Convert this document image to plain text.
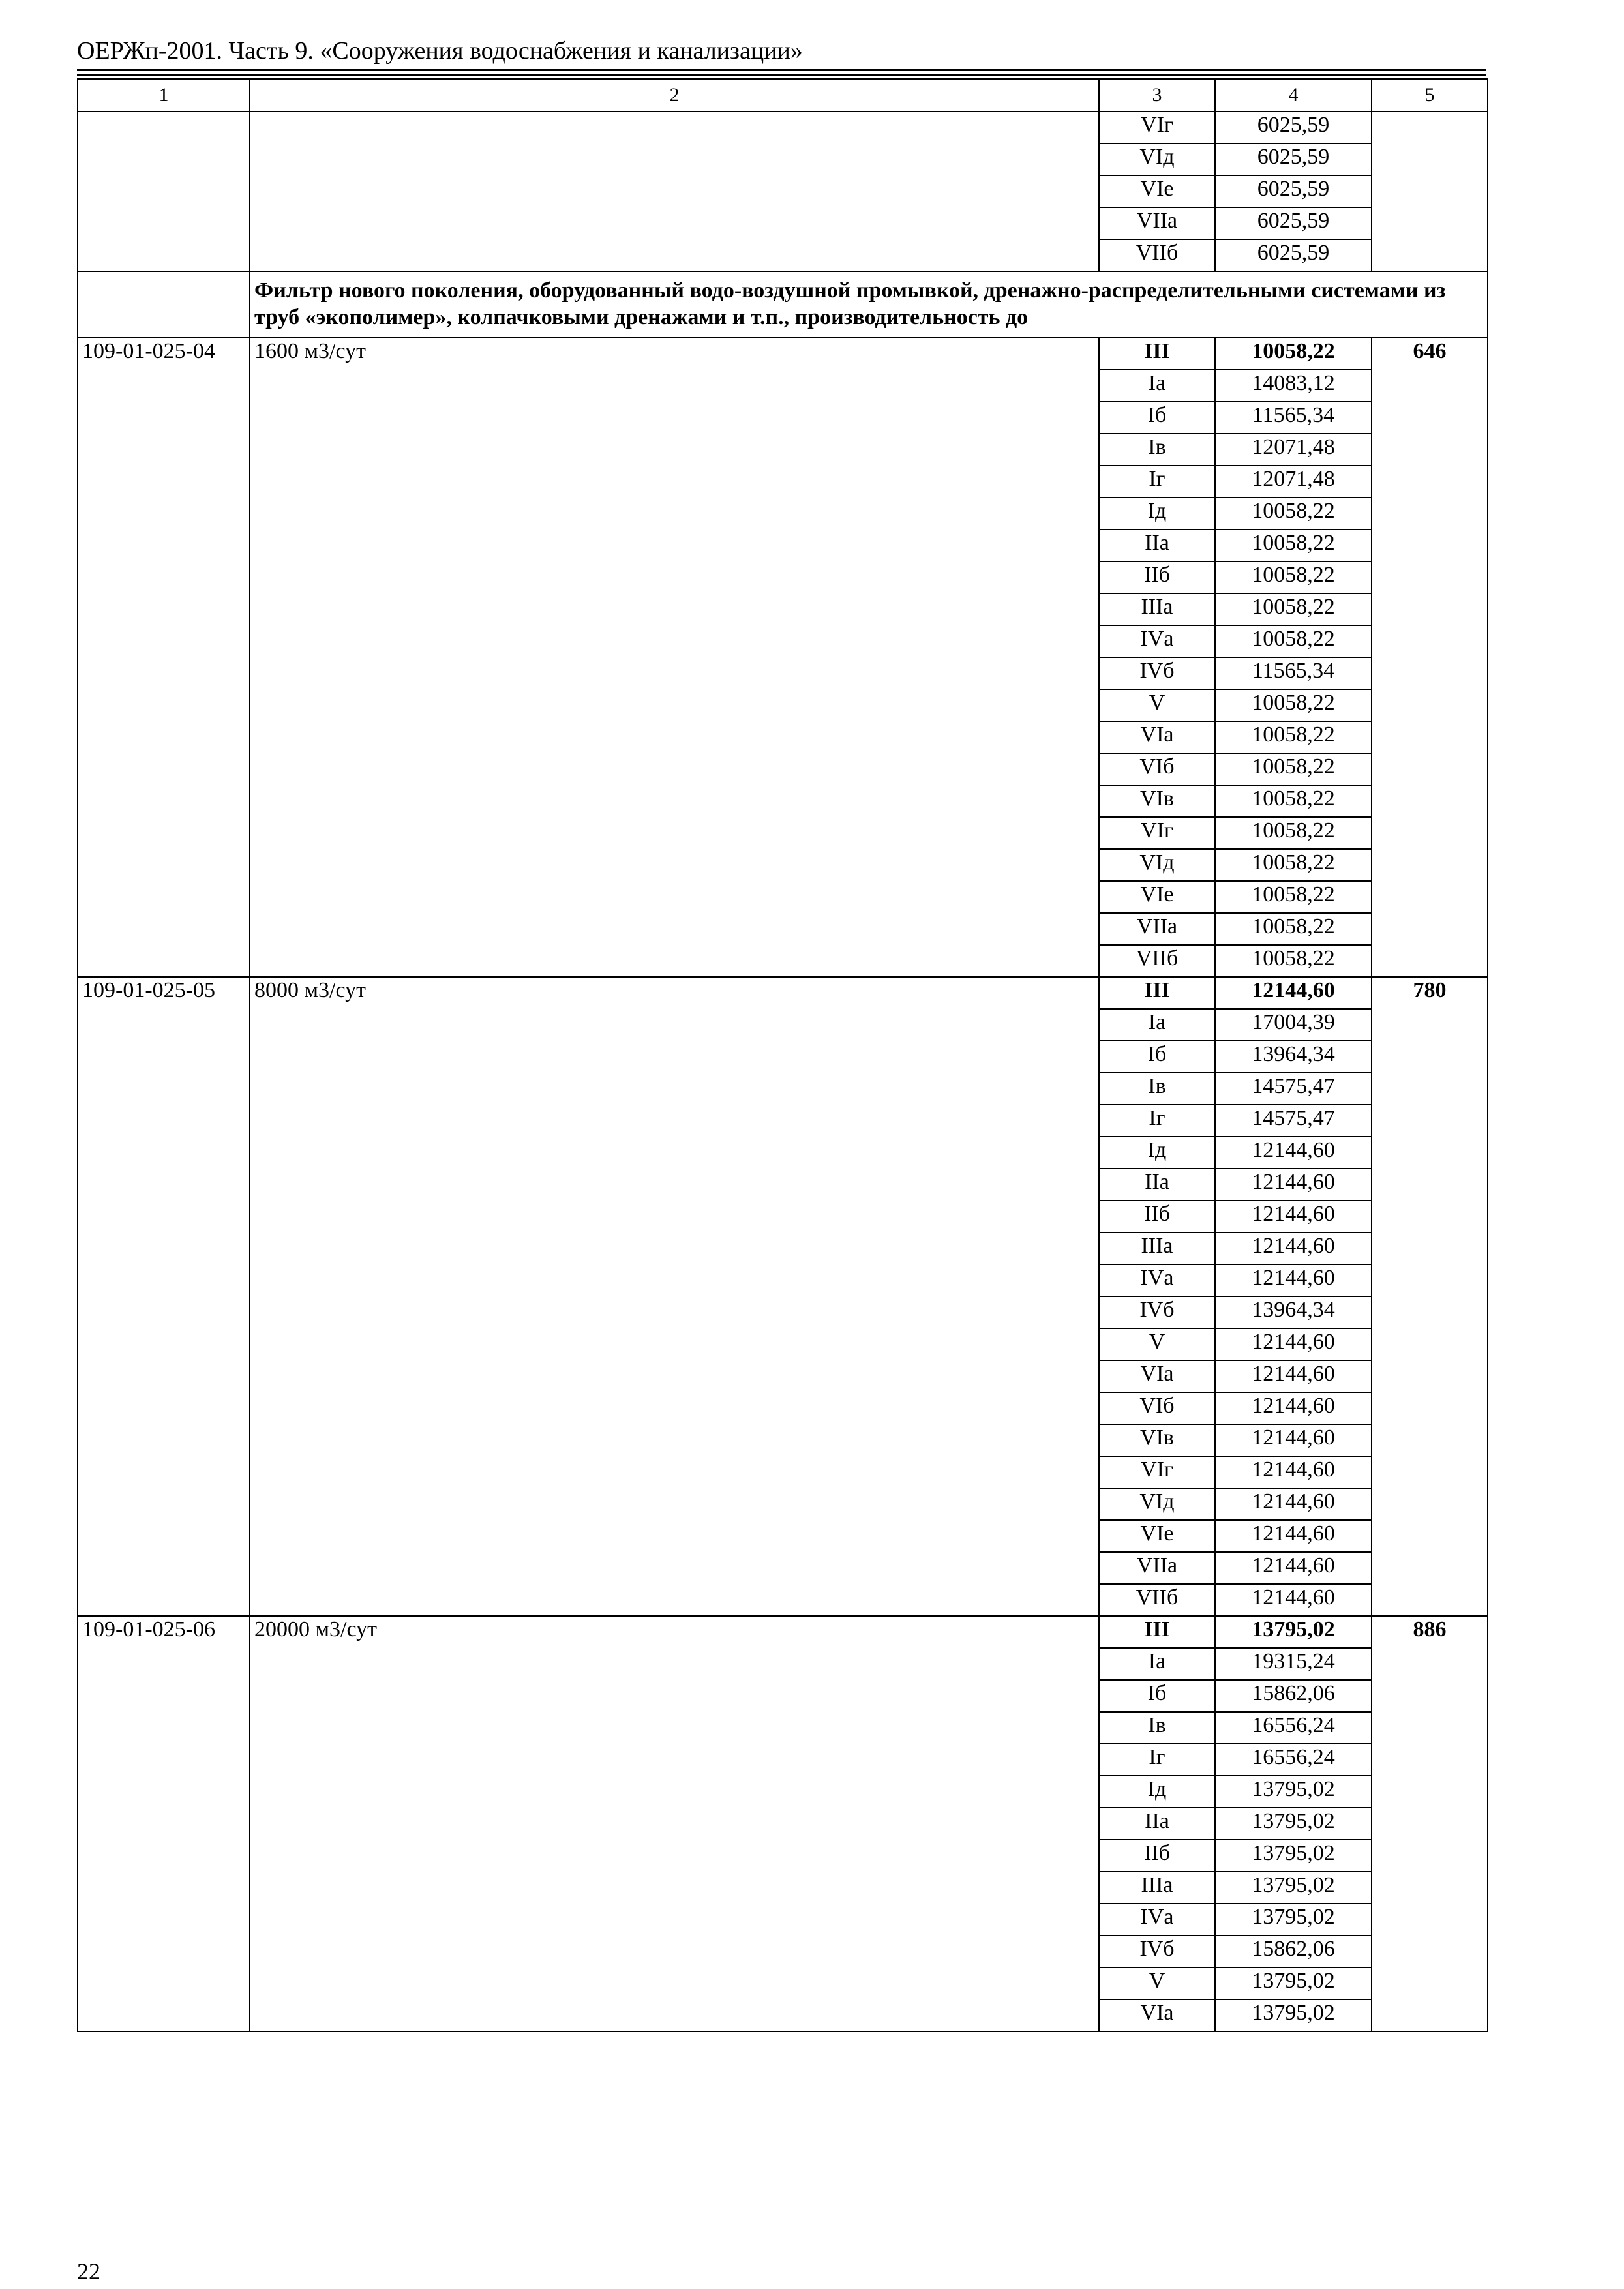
ОЕРЖп-2001. Часть 9. «Сооружения водоснабжения и канализации»
1	2	3	4	5
		VIг	6025,59	
		VIд	6025,59	
		VIе	6025,59	
		VIIа	6025,59	
		VIIб	6025,59	

	Фильтр нового поколения, оборудованный водо-воздушной промывкой, дренажно-распределительными системами из труб «экополимер», колпачковыми дренажами и т.п., производительность до			

109-01-025-04	1600 м3/сут	III	10058,22	646
		Iа	14083,12	
		Iб	11565,34	
		Iв	12071,48	
		Iг	12071,48	
		Iд	10058,22	
		IIа	10058,22	
		IIб	10058,22	
		IIIа	10058,22	
		IVа	10058,22	
		IVб	11565,34	
		V	10058,22	
		VIа	10058,22	
		VIб	10058,22	
		VIв	10058,22	
		VIг	10058,22	
		VIд	10058,22	
		VIе	10058,22	
		VIIа	10058,22	
		VIIб	10058,22	
109-01-025-05	8000 м3/сут	III	12144,60	780
		Iа	17004,39	
		Iб	13964,34	
		Iв	14575,47	
		Iг	14575,47	
		Iд	12144,60	
		IIа	12144,60	
		IIб	12144,60	
		IIIа	12144,60	
		IVа	12144,60	
		IVб	13964,34	
		V	12144,60	
		VIа	12144,60	
		VIб	12144,60	
		VIв	12144,60	
		VIг	12144,60	
		VIд	12144,60	
		VIе	12144,60	
		VIIа	12144,60	
		VIIб	12144,60	
109-01-025-06	20000 м3/сут	III	13795,02	886
		Iа	19315,24	
		Iб	15862,06	
		Iв	16556,24	
		Iг	16556,24	
		Iд	13795,02	
		IIа	13795,02	
		IIб	13795,02	
		IIIа	13795,02	
		IVа	13795,02	
		IVб	15862,06	
		V	13795,02	
		VIа	13795,02	
22
